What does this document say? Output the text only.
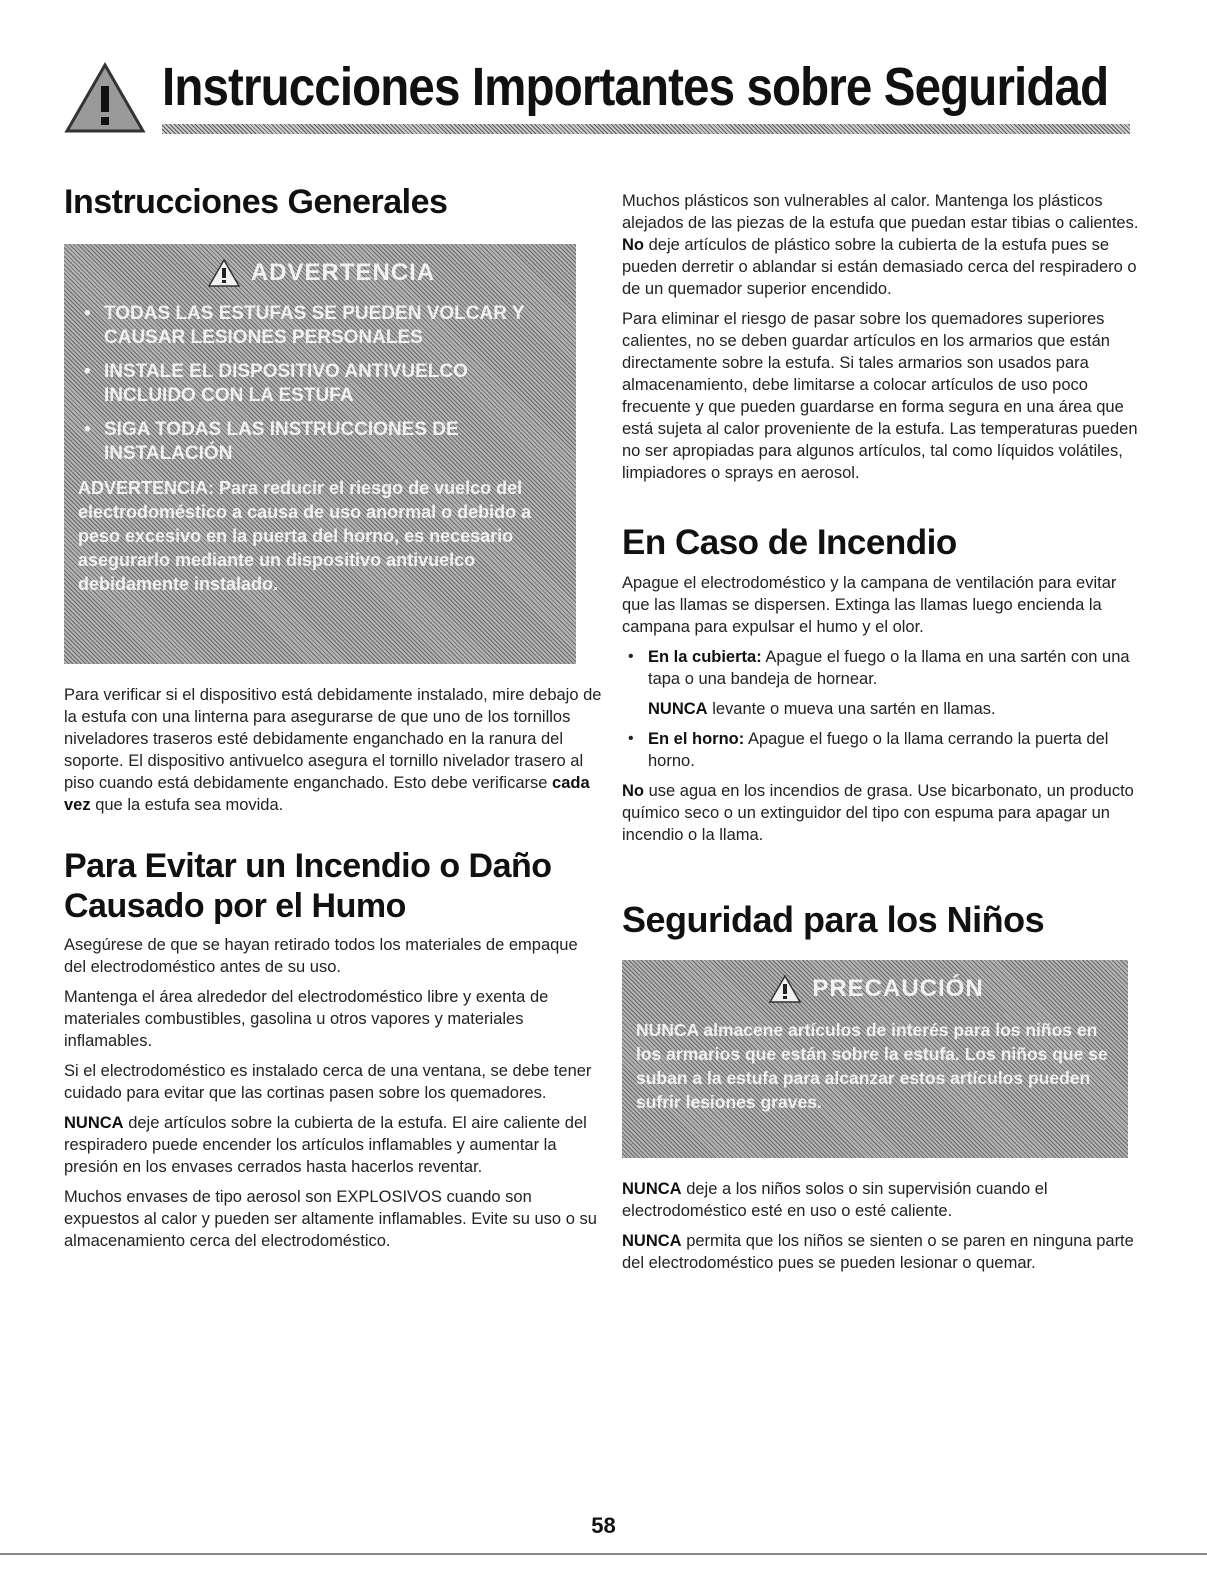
Instrucciones Importantes sobre Seguridad
Instrucciones Generales
ADVERTENCIA
• TODAS LAS ESTUFAS SE PUEDEN VOLCAR Y CAUSAR LESIONES PERSONALES
• INSTALE EL DISPOSITIVO ANTIVUELCO INCLUIDO CON LA ESTUFA
• SIGA TODAS LAS INSTRUCCIONES DE INSTALACIÓN

ADVERTENCIA: Para reducir el riesgo de vuelco del electrodoméstico a causa de uso anormal o debido a peso excesivo en la puerta del horno, es necesario asegurarlo mediante un dispositivo antivuelco debidamente instalado.

Para verificar si el dispositivo está debidamente instalado, mire debajo de la estufa con una linterna para asegurarse de que uno de los tornillos niveladores traseros esté debidamente enganchado en la ranura del soporte. El dispositivo antivuelco asegura el tornillo nivelador trasero al piso cuando está debidamente enganchado. Esto debe verificarse cada vez que la estufa sea movida.

Para Evitar un Incendio o Daño Causado por el Humo

Asegúrese de que se hayan retirado todos los materiales de empaque del electrodoméstico antes de su uso.

Mantenga el área alrededor del electrodoméstico libre y exenta de materiales combustibles, gasolina u otros vapores y materiales inflamables.

Si el electrodoméstico es instalado cerca de una ventana, se debe tener cuidado para evitar que las cortinas pasen sobre los quemadores.

NUNCA deje artículos sobre la cubierta de la estufa. El aire caliente del respiradero puede encender los artículos inflamables y aumentar la presión en los envases cerrados hasta hacerlos reventar.

Muchos envases de tipo aerosol son EXPLOSIVOS cuando son expuestos al calor y pueden ser altamente inflamables. Evite su uso o su almacenamiento cerca del electrodoméstico.

Muchos plásticos son vulnerables al calor. Mantenga los plásticos alejados de las piezas de la estufa que puedan estar tibias o calientes. No deje artículos de plástico sobre la cubierta de la estufa pues se pueden derretir o ablandar si están demasiado cerca del respiradero o de un quemador superior encendido.

Para eliminar el riesgo de pasar sobre los quemadores superiores calientes, no se deben guardar artículos en los armarios que están directamente sobre la estufa. Si tales armarios son usados para almacenamiento, debe limitarse a colocar artículos de uso poco frecuente y que pueden guardarse en forma segura en una área que está sujeta al calor proveniente de la estufa. Las temperaturas pueden no ser apropiadas para algunos artículos, tal como líquidos volátiles, limpiadores o sprays en aerosol.

En Caso de Incendio

Apague el electrodoméstico y la campana de ventilación para evitar que las llamas se dispersen. Extinga las llamas luego encienda la campana para expulsar el humo y el olor.

• En la cubierta: Apague el fuego o la llama en una sartén con una tapa o una bandeja de hornear.

NUNCA levante o mueva una sartén en llamas.

• En el horno: Apague el fuego o la llama cerrando la puerta del horno.

No use agua en los incendios de grasa. Use bicarbonato, un producto químico seco o un extinguidor del tipo con espuma para apagar un incendio o la llama.

Seguridad para los Niños
PRECAUCIÓN

NUNCA almacene artículos de interés para los niños en los armarios que están sobre la estufa. Los niños que se suban a la estufa para alcanzar estos artículos pueden sufrir lesiones graves.

NUNCA deje a los niños solos o sin supervisión cuando el electrodoméstico esté en uso o esté caliente.

NUNCA permita que los niños se sienten o se paren en ninguna parte del electrodoméstico pues se pueden lesionar o quemar.

58
